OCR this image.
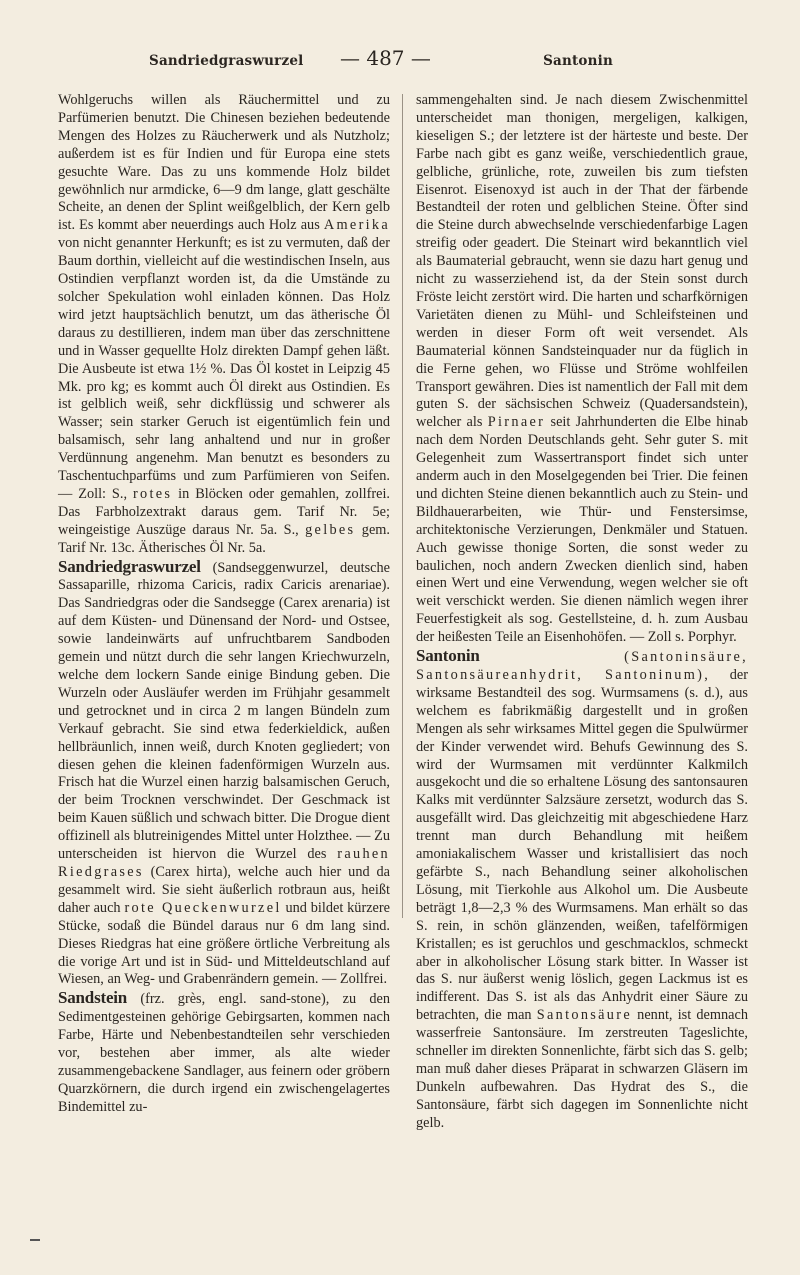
Sandriedgraswurzel — 487 —	Santonin

Wohlgeruchs willen als Räuchermittel und zu Parfümerien benutzt. Die Chinesen beziehen bedeutende Mengen des Holzes zu Räucherwerk und als Nutzholz; außerdem ist es für Indien und für Europa eine stets gesuchte Ware. Das zu uns kommende Holz bildet gewöhnlich nur armdicke, 6—9 dm lange, glatt geschälte Scheite, an denen der Splint weißgelblich, der Kern gelb ist. Es kommt aber neuerdings auch Holz aus Amerika von nicht genannter Herkunft; es ist zu vermuten, daß der Baum dorthin, vielleicht auf die westindischen Inseln, aus Ostindien verpflanzt worden ist, da die Umstände zu solcher Spekulation wohl einladen können. Das Holz wird jetzt hauptsächlich benutzt, um das ätherische Öl daraus zu destillieren, indem man über das zerschnittene und in Wasser gequellte Holz direkten Dampf gehen läßt. Die Ausbeute ist etwa 1½ %. Das Öl kostet in Leipzig 45 Mk. pro kg; es kommt auch Öl direkt aus Ostindien. Es ist gelblich weiß, sehr dickflüssig und schwerer als Wasser; sein starker Geruch ist eigentümlich fein und balsamisch, sehr lang anhaltend und nur in großer Verdünnung angenehm. Man benutzt es besonders zu Taschentuchparfüms und zum Parfümieren von Seifen. — Zoll: S., rotes in Blöcken oder gemahlen, zollfrei. Das Farbholzextrakt daraus gem. Tarif Nr. 5e; weingeistige Auszüge daraus Nr. 5a. S., gelbes gem. Tarif Nr. 13c. Ätherisches Öl Nr. 5a.

Sandriedgraswurzel (Sandseggenwurzel, deutsche Sassaparille, rhizoma Caricis, radix Caricis arenariae). Das Sandriedgras oder die Sandsegge (Carex arenaria) ist auf dem Küsten- und Dünensand der Nord- und Ostsee, sowie landeinwärts auf unfruchtbarem Sandboden gemein und nützt durch die sehr langen Kriechwurzeln, welche dem lockern Sande einige Bindung geben. Die Wurzeln oder Ausläufer werden im Frühjahr gesammelt und getrocknet und in circa 2 m langen Bündeln zum Verkauf gebracht. Sie sind etwa federkieldick, außen hellbräunlich, innen weiß, durch Knoten gegliedert; von diesen gehen die kleinen fadenförmigen Wurzeln aus. Frisch hat die Wurzel einen harzig balsamischen Geruch, der beim Trocknen verschwindet. Der Geschmack ist beim Kauen süßlich und schwach bitter. Die Drogue dient offizinell als blutreinigendes Mittel unter Holztheе. — Zu unterscheiden ist hiervon die Wurzel des rauhen Riedgrases (Carex hirta), welche auch hier und da gesammelt wird. Sie sieht äußerlich rotbraun aus, heißt daher auch rote Queckenwurzel und bildet kürzere Stücke, sodaß die Bündel daraus nur 6 dm lang sind. Dieses Riedgras hat eine größere örtliche Verbreitung als die vorige Art und ist in Süd- und Mitteldeutschland auf Wiesen, an Weg- und Grabenrändern gemein. — Zollfrei.

Sandstein (frz. grès, engl. sand-stone), zu den Sedimentgesteinen gehörige Gebirgsarten, kommen nach Farbe, Härte und Nebenbestandteilen sehr verschieden vor, bestehen aber immer, als alte wieder zusammengebackene Sandlager, aus feinern oder gröbern Quarzkörnern, die durch irgend ein zwischengelagertes Bindemittel zu-

sammengehalten sind. Je nach diesem Zwischenmittel unterscheidet man thonigen, mergeligen, kalkigen, kieseligen S.; der letztere ist der härteste und beste. Der Farbe nach gibt es ganz weiße, verschiedentlich graue, gelbliche, grünliche, rote, zuweilen bis zum tiefsten Eisenrot. Eisenoxyd ist auch in der That der färbende Bestandteil der roten und gelblichen Steine. Öfter sind die Steine durch abwechselnde verschiedenfarbige Lagen streifig oder geadert. Die Steinart wird bekanntlich viel als Baumaterial gebraucht, wenn sie dazu hart genug und nicht zu wasserziehend ist, da der Stein sonst durch Fröste leicht zerstört wird. Die harten und scharfkörnigen Varietäten dienen zu Mühl- und Schleifsteinen und werden in dieser Form oft weit versendet. Als Baumaterial können Sandsteinquader nur da füglich in die Ferne gehen, wo Flüsse und Ströme wohlfeilen Transport gewähren. Dies ist namentlich der Fall mit dem guten S. der sächsischen Schweiz (Quadersandstein), welcher als Pirnaer seit Jahrhunderten die Elbe hinab nach dem Norden Deutschlands geht. Sehr guter S. mit Gelegenheit zum Wassertransport findet sich unter anderm auch in den Moselgegenden bei Trier. Die feinen und dichten Steine dienen bekanntlich auch zu Stein- und Bildhauerarbeiten, wie Thür- und Fenstersimse, architektonische Verzierungen, Denkmäler und Statuen. Auch gewisse thonige Sorten, die sonst weder zu baulichen, noch andern Zwecken dienlich sind, haben einen Wert und eine Verwendung, wegen welcher sie oft weit verschickt werden. Sie dienen nämlich wegen ihrer Feuerfestigkeit als sog. Gestellsteine, d. h. zum Ausbau der heißesten Teile an Eisenhohöfen. — Zoll s. Porphyr.

Santonin	(Santoninsäure, Santonsäureanhydrit, Santoninum), der wirksame Bestandteil des sog. Wurmsamens (s. d.), aus welchem es fabrikmäßig dargestellt und in großen Mengen als sehr wirksames Mittel gegen die Spulwürmer der Kinder verwendet wird. Behufs Gewinnung des S. wird der Wurmsamen mit verdünnter Kalkmilch ausgekocht und die so erhaltene Lösung des santonsauren Kalks mit verdünnter Salzsäure zersetzt, wodurch das S. ausgefällt wird. Das gleichzeitig mit abgeschiedene Harz trennt man durch Behandlung mit heißem amoniakalischem Wasser und kristallisiert das noch gefärbte S., nach Behandlung seiner alkoholischen Lösung, mit Tierkohle aus Alkohol um. Die Ausbeute beträgt 1,8—2,3 % des Wurmsamens. Man erhält so das S. rein, in schön glänzenden, weißen, tafelförmigen Kristallen; es ist geruchlos und geschmacklos, schmeckt aber in alkoholischer Lösung stark bitter. In Wasser ist das S. nur äußerst wenig löslich, gegen Lackmus ist es indifferent. Das S. ist als das Anhydrit einer Säure zu betrachten, die man Santonsäure nennt, ist demnach wasserfreie Santonsäure. Im zerstreuten Tageslichte, schneller im direkten Sonnenlichte, färbt sich das S. gelb; man muß daher dieses Präparat in schwarzen Gläsern im Dunkeln aufbewahren. Das Hydrat des S., die Santonsäure, färbt sich dagegen im Sonnenlichte nicht gelb.
